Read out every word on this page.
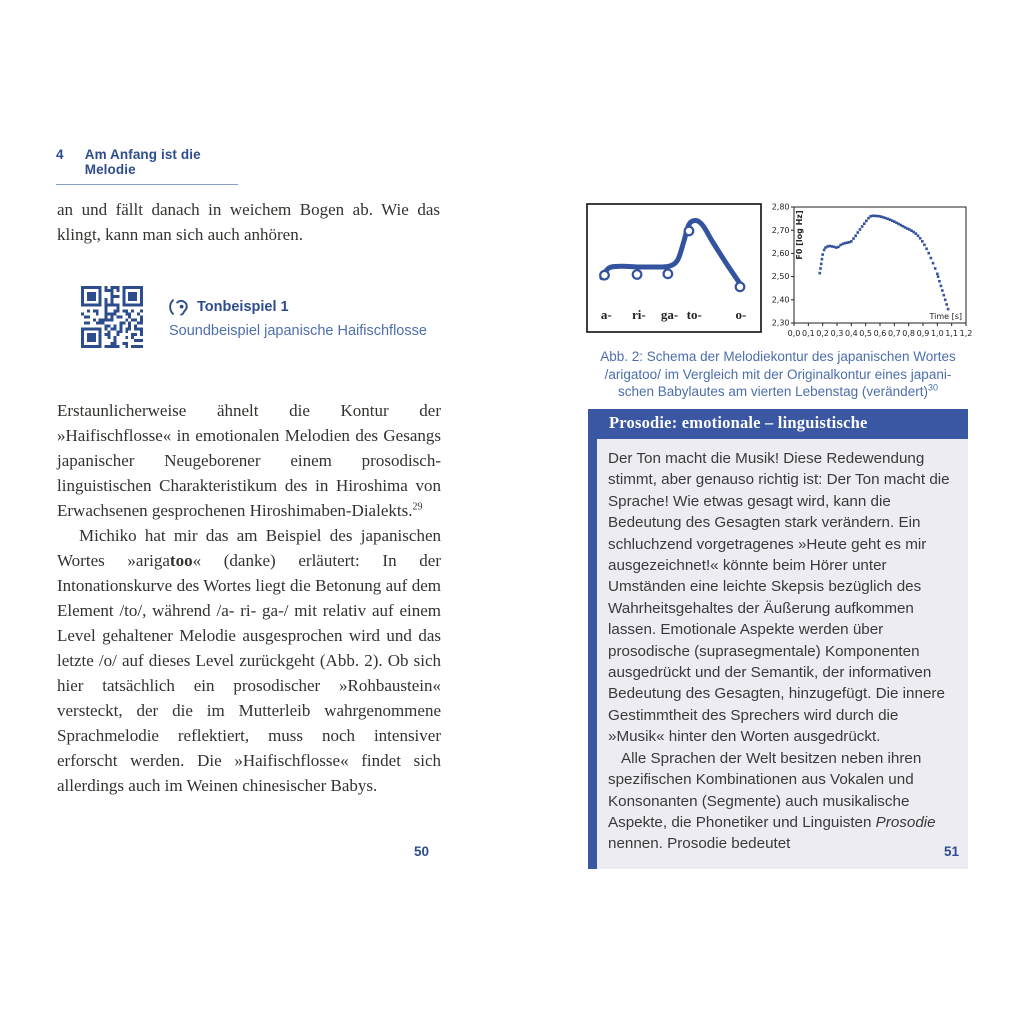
4	Am Anfang ist die Melodie

an und fällt danach in weichem Bogen ab. Wie das klingt, kann man sich auch anhören.

Tonbeispiel 1
Soundbeispiel japanische Haifischflosse

Erstaunlicherweise ähnelt die Kontur der »Haifischflosse« in emotionalen Melodien des Gesangs japanischer Neugeborener einem prosodisch-linguistischen Charakteristikum des in Hiroshima von Erwachsenen gesprochenen Hiroshimaben-Dialekts.$^{29}$

Michiko hat mir das am Beispiel des japanischen Wortes »arigatoo« (danke) erläutert: In der Intonationskurve des Wortes liegt die Betonung auf dem Element /to/, während /a- ri- ga-/ mit relativ auf einem Level gehaltener Melodie ausgesprochen wird und das letzte /o/ auf dieses Level zurückgeht (Abb. 2). Ob sich hier tatsächlich ein prosodischer »Rohbaustein« versteckt, der die im Mutterleib wahrgenommene Sprachmelodie reflektiert, muss noch intensiver erforscht werden. Die »Haifischflosse« findet sich allerdings auch im Weinen chinesischer Babys.

50
a- ri- ga- to-	o-
2,30
2,40
2,50
2,60
2,70
2,80
0,0 0,1 0,2 0,3 0,4 0,5 0,6 0,7 0,8 0,9 1,0 1,1 1,2
F0 [log Hz]
Time [s]
Abb. 2: Schema der Melodiekontur des japanischen Wortes
/arigatoo/ im Vergleich mit der Originalkontur eines japani-
schen Babylautes am vierten Lebenstag (verändert)$^{30}$
Prosodie: emotionale – linguistische

Der Ton macht die Musik! Diese Redewendung stimmt, aber genauso richtig ist: Der Ton macht die Sprache! Wie etwas gesagt wird, kann die Bedeutung des Gesagten stark verändern. Ein schluchzend vorgetragenes »Heute geht es mir ausgezeichnet!« könnte beim Hörer unter Umständen eine leichte Skepsis bezüglich des Wahrheitsgehaltes der Äußerung aufkommen lassen. Emotionale Aspekte werden über prosodische (suprasegmentale) Komponenten ausgedrückt und der Semantik, der informativen Bedeutung des Gesagten, hinzugefügt. Die innere Gestimmtheit des Sprechers wird durch die »Musik« hinter den Worten ausgedrückt.

Alle Sprachen der Welt besitzen neben ihren spezifischen Kombinationen aus Vokalen und Konsonanten (Segmente) auch musikalische Aspekte, die Phonetiker und Linguisten Prosodie nennen. Prosodie bedeutet	51
